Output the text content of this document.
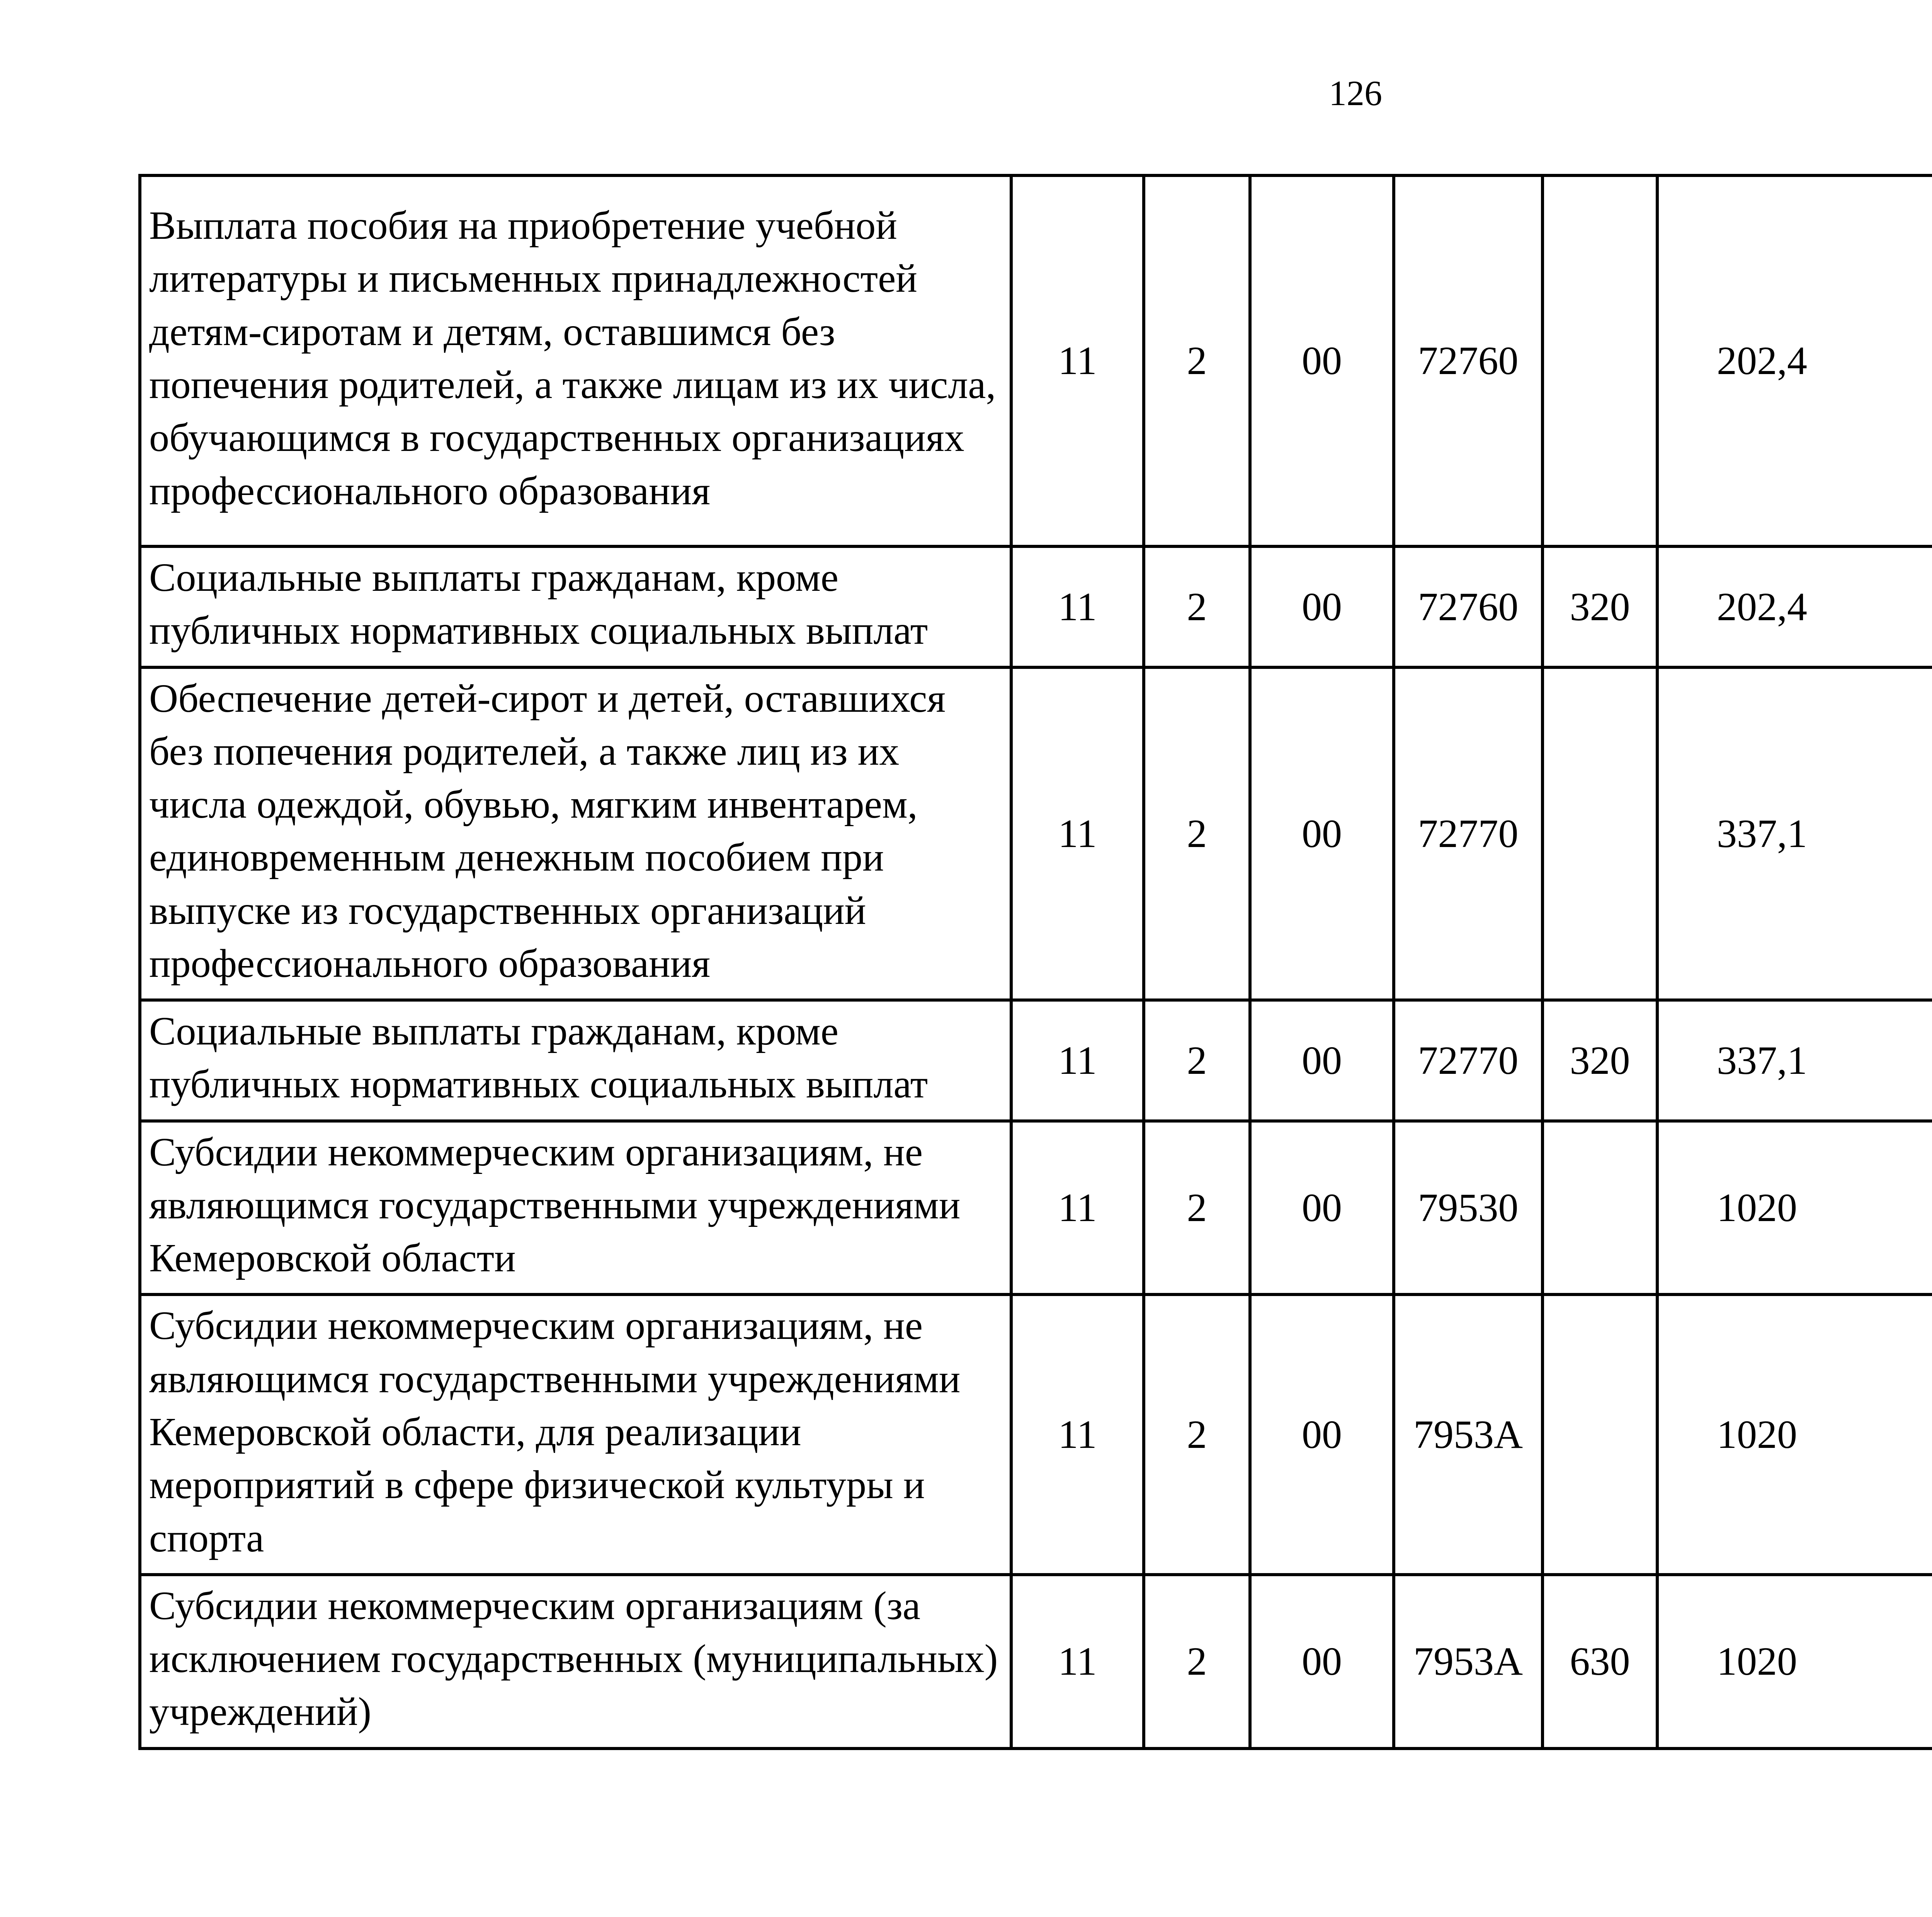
126
Выплата пособия на приобретение учебной литературы и письменных принадлежностей детям-сиротам и детям, оставшимся без попечения родителей, а также лицам из их числа, обучающимся в государственных организациях профессионального образования	11	2	00	72760		202,4		
Социальные выплаты гражданам, кроме публичных нормативных социальных выплат	11	2	00	72760	320	202,4		
Обеспечение детей-сирот и детей, оставшихся без попечения родителей, а также лиц из их числа одеждой, обувью, мягким инвентарем, единовременным денежным пособием при выпуске из государственных организаций профессионального образования	11	2	00	72770		337,1		
Социальные выплаты гражданам, кроме публичных нормативных социальных выплат	11	2	00	72770	320	337,1		
Субсидии некоммерческим организациям, не являющимся государственными учреждениями Кемеровской области	11	2	00	79530		1020		
Субсидии некоммерческим организациям, не являющимся государственными учреждениями Кемеровской области, для реализации мероприятий в сфере физической культуры и спорта	11	2	00	7953А		1020		
Субсидии некоммерческим организациям (за исключением государственных (муниципальных) учреждений)	11	2	00	7953А	630	1020		
